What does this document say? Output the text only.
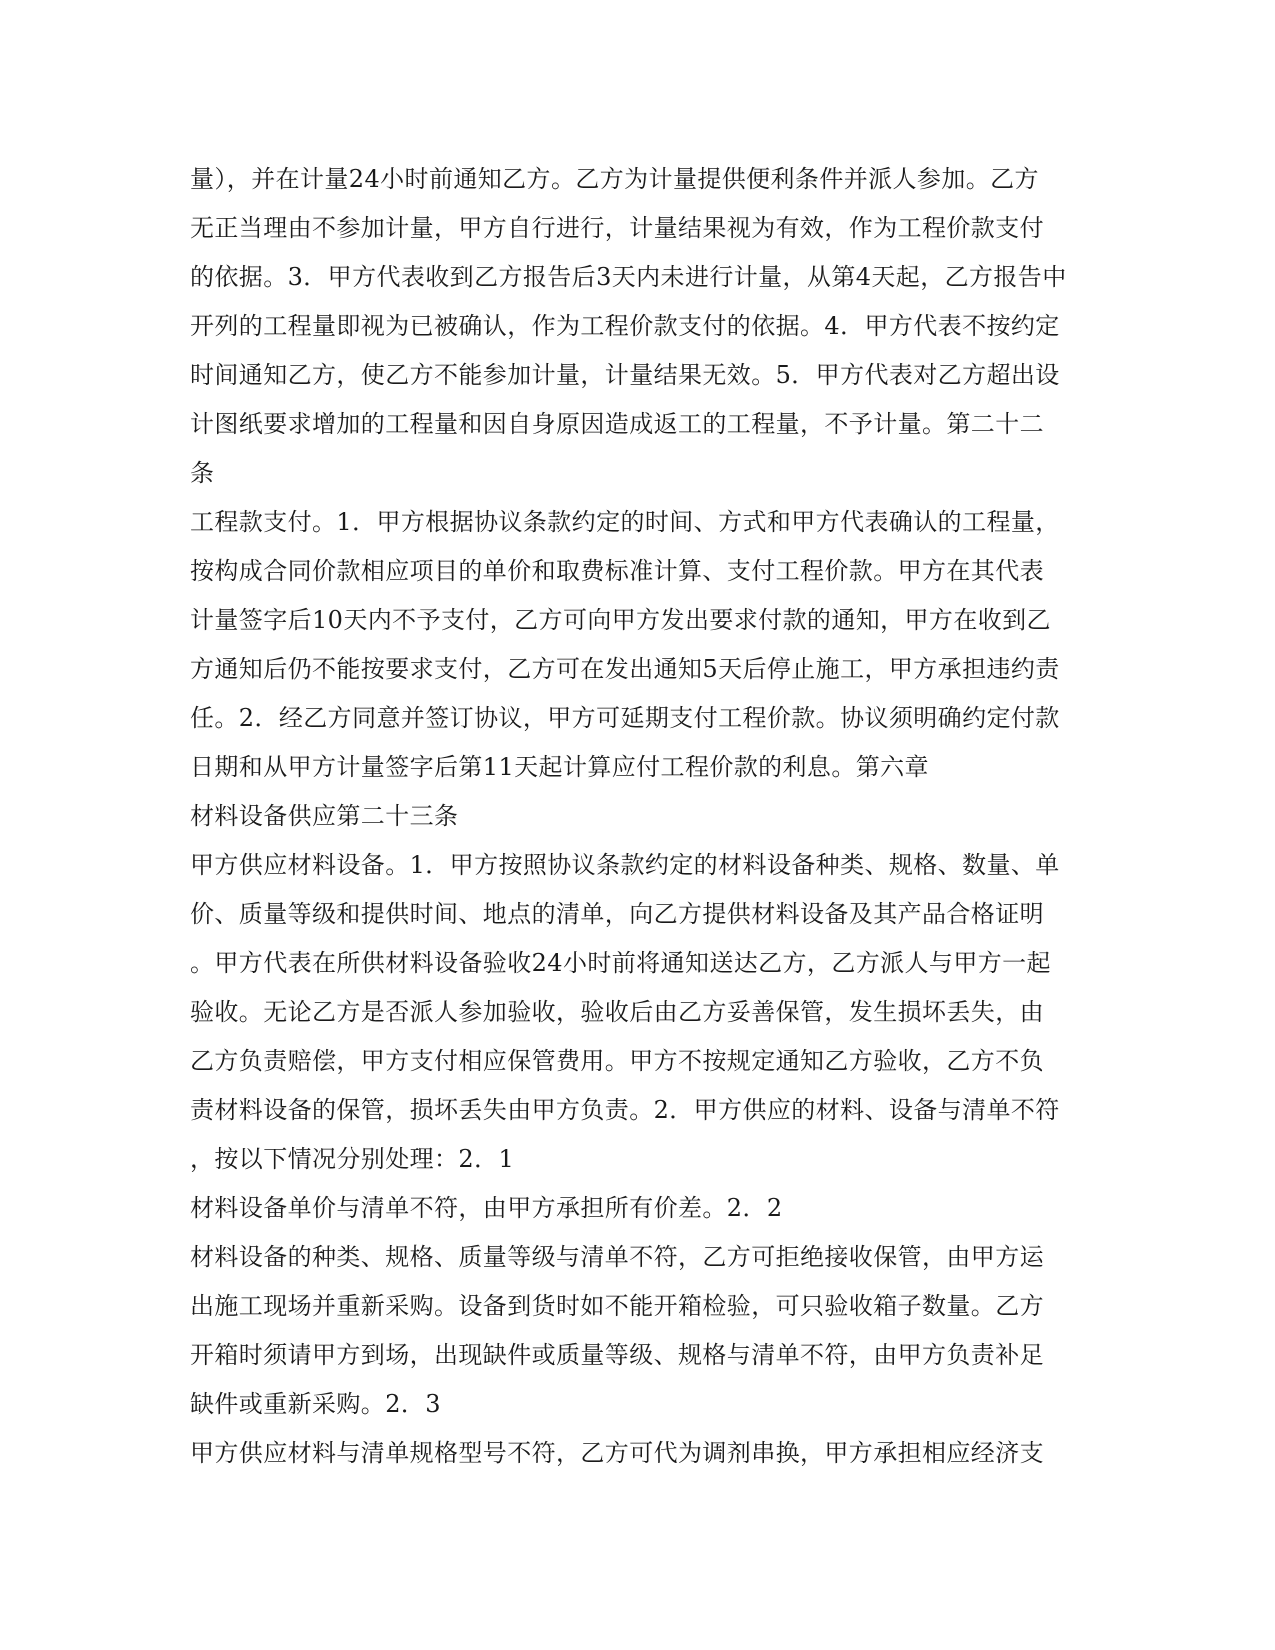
量），并在计量24小时前通知乙方。乙方为计量提供便利条件并派人参加。乙方
无正当理由不参加计量，甲方自行进行，计量结果视为有效，作为工程价款支付
的依据。3．甲方代表收到乙方报告后3天内未进行计量，从第4天起，乙方报告中
开列的工程量即视为已被确认，作为工程价款支付的依据。4．甲方代表不按约定
时间通知乙方，使乙方不能参加计量，计量结果无效。5．甲方代表对乙方超出设
计图纸要求增加的工程量和因自身原因造成返工的工程量，不予计量。第二十二
条
工程款支付。1．甲方根据协议条款约定的时间、方式和甲方代表确认的工程量，
按构成合同价款相应项目的单价和取费标准计算、支付工程价款。甲方在其代表
计量签字后10天内不予支付，乙方可向甲方发出要求付款的通知，甲方在收到乙
方通知后仍不能按要求支付，乙方可在发出通知5天后停止施工，甲方承担违约责
任。2．经乙方同意并签订协议，甲方可延期支付工程价款。协议须明确约定付款
日期和从甲方计量签字后第11天起计算应付工程价款的利息。第六章
材料设备供应第二十三条
甲方供应材料设备。1．甲方按照协议条款约定的材料设备种类、规格、数量、单
价、质量等级和提供时间、地点的清单，向乙方提供材料设备及其产品合格证明
。甲方代表在所供材料设备验收24小时前将通知送达乙方，乙方派人与甲方一起
验收。无论乙方是否派人参加验收，验收后由乙方妥善保管，发生损坏丢失，由
乙方负责赔偿，甲方支付相应保管费用。甲方不按规定通知乙方验收，乙方不负
责材料设备的保管，损坏丢失由甲方负责。2．甲方供应的材料、设备与清单不符
，按以下情况分别处理：2．1
材料设备单价与清单不符，由甲方承担所有价差。2．2
材料设备的种类、规格、质量等级与清单不符，乙方可拒绝接收保管，由甲方运
出施工现场并重新采购。设备到货时如不能开箱检验，可只验收箱子数量。乙方
开箱时须请甲方到场，出现缺件或质量等级、规格与清单不符，由甲方负责补足
缺件或重新采购。2．3
甲方供应材料与清单规格型号不符，乙方可代为调剂串换，甲方承担相应经济支
